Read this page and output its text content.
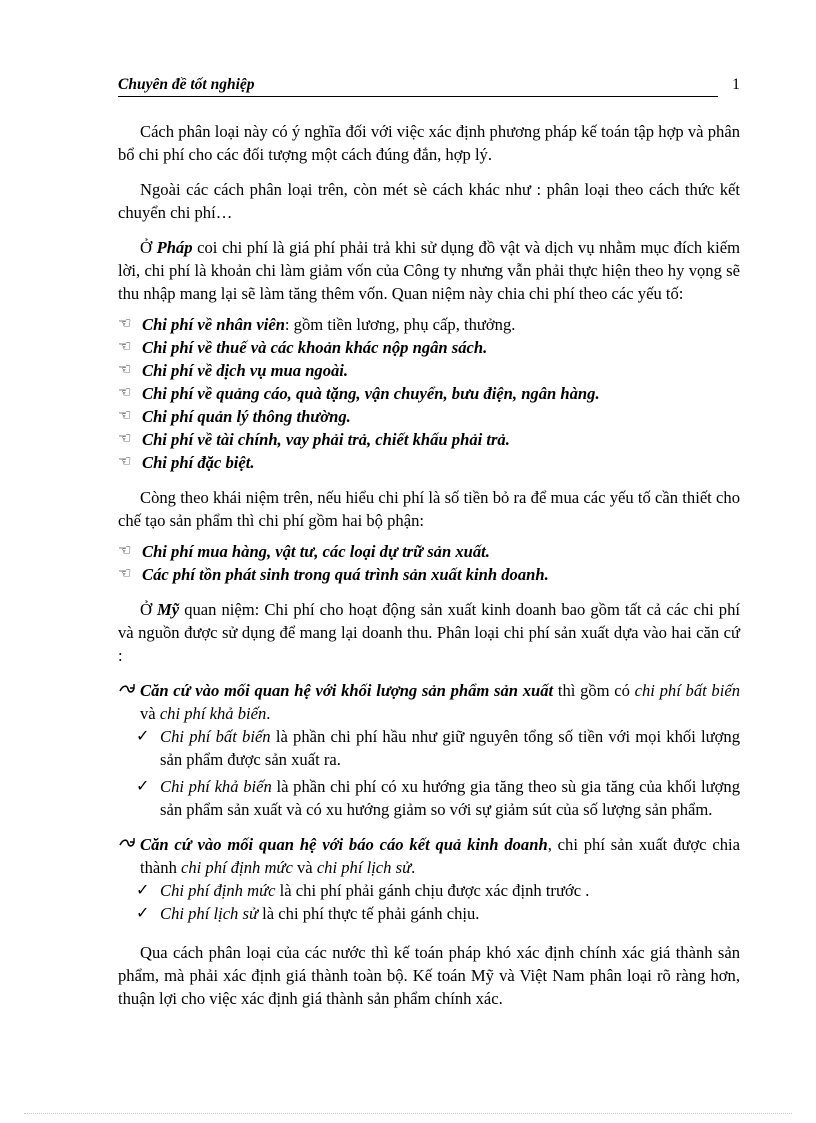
Chuyên đề tốt nghiệp	1

Cách phân loại này có ý nghĩa đối với việc xác định phương pháp kế toán tập hợp và phân bổ chi phí cho các đối tượng một cách đúng đắn, hợp lý.

Ngoài các cách phân loại trên, còn mét sè cách khác như : phân loại theo cách thức kết chuyển chi phí…

Ở Pháp coi chi phí là giá phí phải trả khi sử dụng đồ vật và dịch vụ nhằm mục đích kiếm lời, chi phí là khoản chi làm giảm vốn của Công ty nhưng vẫn phải thực hiện theo hy vọng sẽ thu nhập mang lại sẽ làm tăng thêm vốn. Quan niệm này chia chi phí theo các yếu tố:

☜ Chi phí về nhân viên: gồm tiền lương, phụ cấp, thưởng.
☜ Chi phí về thuế và các khoản khác nộp ngân sách.
☜ Chi phí về dịch vụ mua ngoài.
☜ Chi phí về quảng cáo, quà tặng, vận chuyển, bưu điện, ngân hàng.
☜ Chi phí quản lý thông thường.
☜ Chi phí về tài chính, vay phải trả, chiết khấu phải trả.
☜ Chi phí đặc biệt.

Còng theo khái niệm trên, nếu hiểu chi phí là số tiền bỏ ra để mua các yếu tố cần thiết cho chế tạo sản phẩm thì chi phí gồm hai bộ phận:

☜ Chi phí mua hàng, vật tư, các loại dự trữ sản xuất.
☜ Các phí tồn phát sinh trong quá trình sản xuất kinh doanh.

Ở Mỹ quan niệm: Chi phí cho hoạt động sản xuất kinh doanh bao gồm tất cả các chi phí và nguồn được sử dụng để mang lại doanh thu. Phân loại chi phí sản xuất dựa vào hai căn cứ :

Căn cứ vào mối quan hệ với khối lượng sản phẩm sản xuất thì gồm có chi phí bất biến và chi phí khả biến.
✓ Chi phí bất biến là phần chi phí hầu như giữ nguyên tổng số tiền với mọi khối lượng sản phẩm được sản xuất ra.
✓ Chi phí khả biến là phần chi phí có xu hướng gia tăng theo sù gia tăng của khối lượng sản phẩm sản xuất và có xu hướng giảm so với sự giảm sút của số lượng sản phẩm.
Căn cứ vào mối quan hệ với báo cáo kết quả kinh doanh, chi phí sản xuất được chia thành chi phí định mức và chi phí lịch sử.
✓ Chi phí định mức là chi phí phải gánh chịu được xác định trước .
✓ Chi phí lịch sử là chi phí thực tế phải gánh chịu.

Qua cách phân loại của các nước thì kế toán pháp khó xác định chính xác giá thành sản phẩm, mà phải xác định giá thành toàn bộ. Kế toán Mỹ và Việt Nam phân loại rõ ràng hơn, thuận lợi cho việc xác định giá thành sản phẩm chính xác.
